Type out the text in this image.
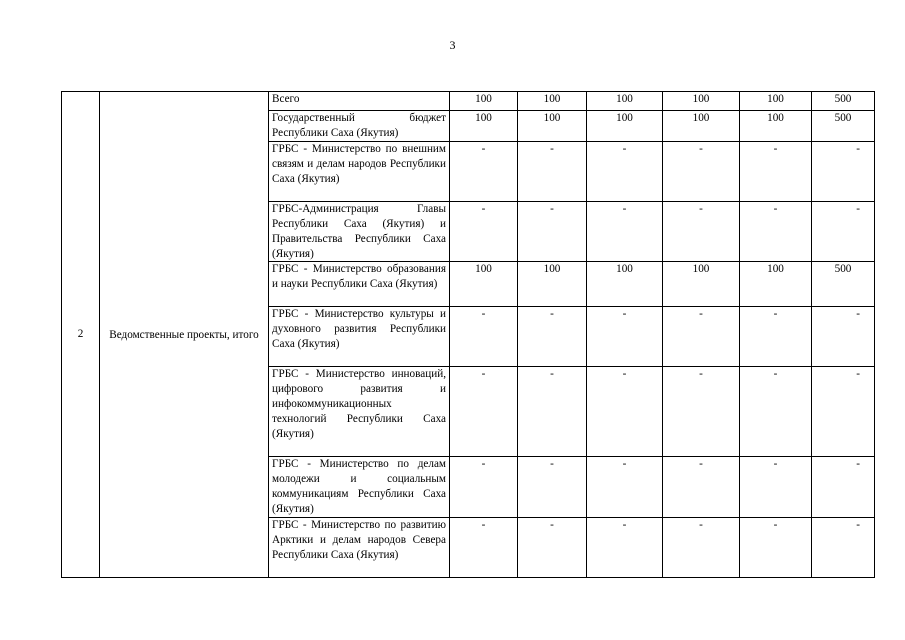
3
2	Ведомственные проекты, итого	Всего	100	100	100	100	100	500
		Государственный бюджет Республики Саха (Якутия)	100	100	100	100	100	500
		ГРБС - Министерство по внешним связям и делам народов Республики Саха (Якутия)	-	-	-	-	-	-
		ГРБС-Администрация Главы Республики Саха (Якутия) и Правительства Республики Саха (Якутия)	-	-	-	-	-	-
		ГРБС - Министерство образования и науки Республики Саха (Якутия)	100	100	100	100	100	500
		ГРБС - Министерство культуры и духовного развития Республики Саха (Якутия)	-	-	-	-	-	-
		ГРБС - Министерство инноваций, цифрового развития и инфокоммуникационных технологий Республики Саха (Якутия)	-	-	-	-	-	-
		ГРБС - Министерство по делам молодежи и социальным коммуникациям Республики Саха (Якутия)	-	-	-	-	-	-
		ГРБС - Министерство по развитию Арктики и делам народов Севера Республики Саха (Якутия)	-	-	-	-	-	-
